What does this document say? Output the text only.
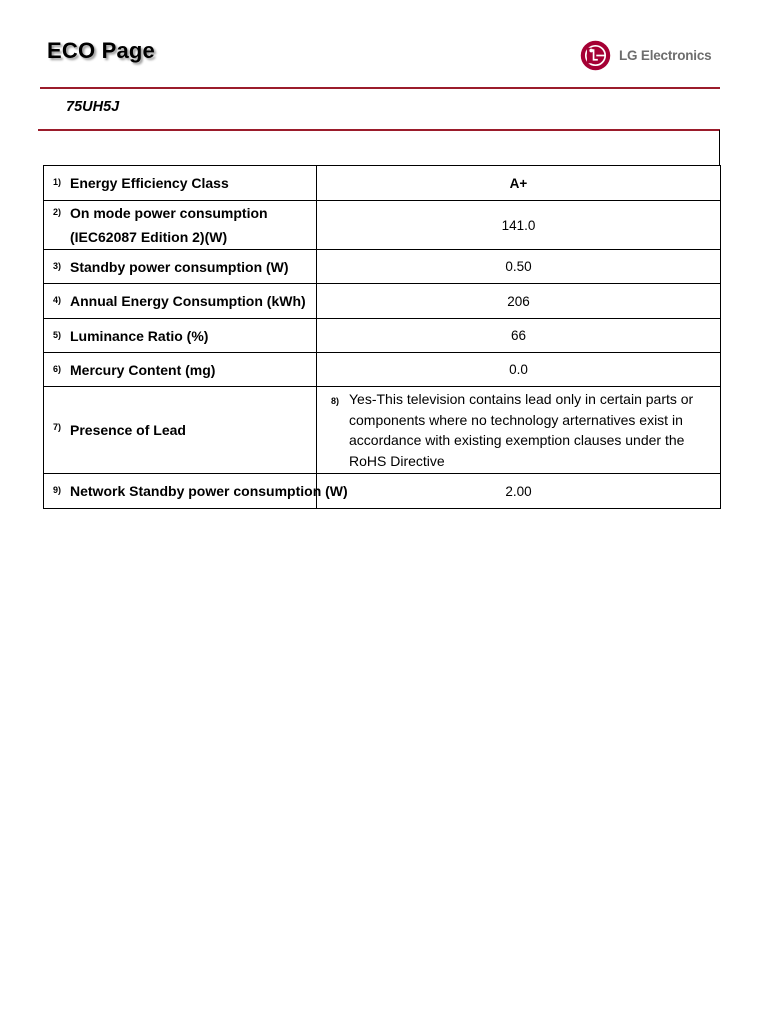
ECO Page	LG Electronics
75UH5J
1) Energy Efficiency Class	A+

2) On mode power consumption
(IEC62087 Edition 2)(W)	141.0

3) Standby power consumption (W)	0.50

4) Annual Energy Consumption (kWh)	206

5) Luminance Ratio (%)	66

6) Mercury Content (mg)	0.0

7) Presence of Lead	8) Yes-This television contains lead only in certain parts or components where no technology arternatives exist in accordance with existing exemption clauses under the RoHS Directive

9) Network Standby power consumption (W)	2.00
